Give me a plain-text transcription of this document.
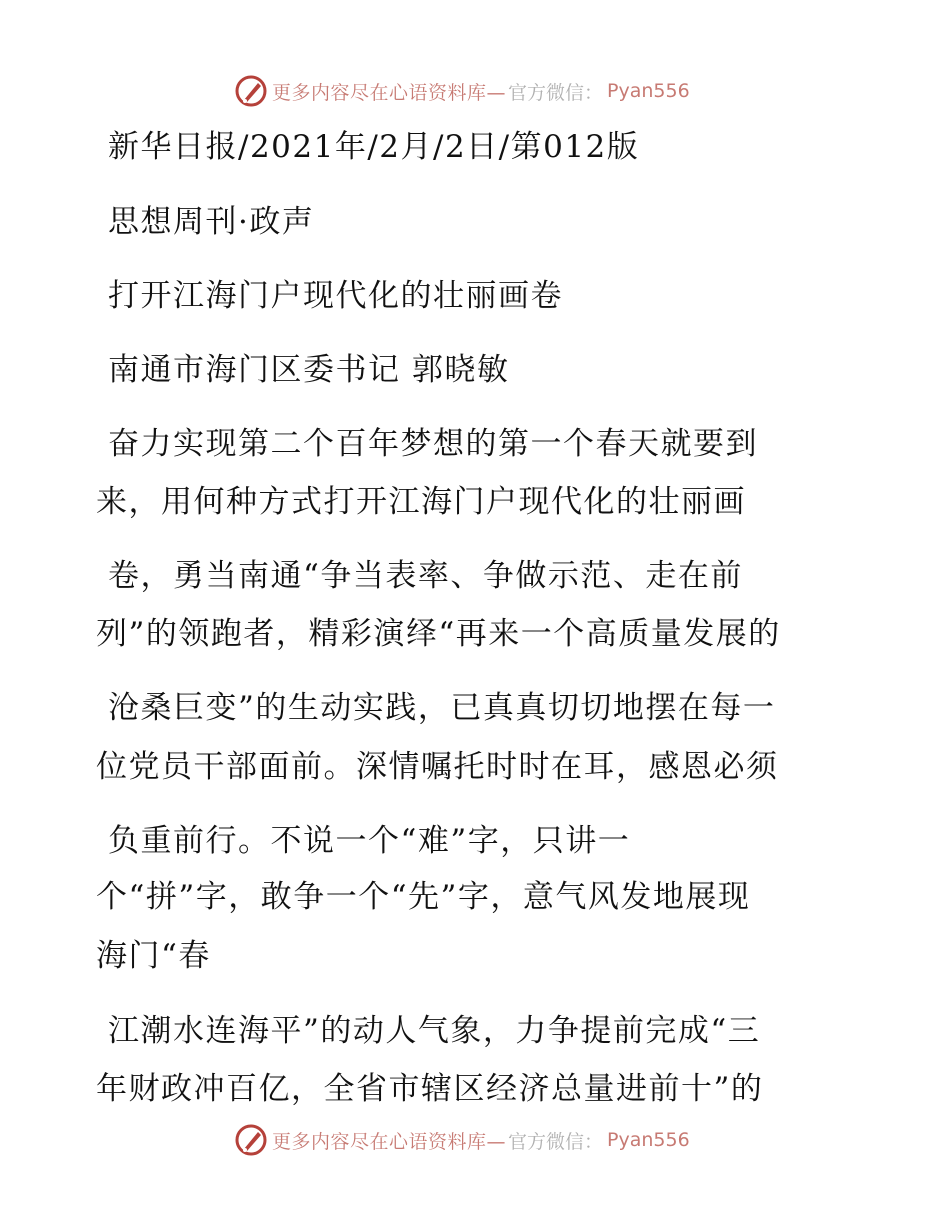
更多内容尽在心语资料库— 官方微信： Pyan556
新华日报/2021年/2月/2日/第012版
思想周刊·政声
打开江海门户现代化的壮丽画卷
南通市海门区委书记 郭晓敏
奋力实现第二个百年梦想的第一个春天就要到
来，用何种方式打开江海门户现代化的壮丽画
卷，勇当南通“争当表率、争做示范、走在前
列”的领跑者，精彩演绎“再来一个高质量发展的
沧桑巨变”的生动实践，已真真切切地摆在每一
位党员干部面前。深情嘱托时时在耳，感恩必须
负重前行。不说一个“难”字，只讲一
个“拼”字，敢争一个“先”字，意气风发地展现
海门“春
江潮水连海平”的动人气象，力争提前完成“三
年财政冲百亿，全省市辖区经济总量进前十”的
更多内容尽在心语资料库— 官方微信： Pyan556
